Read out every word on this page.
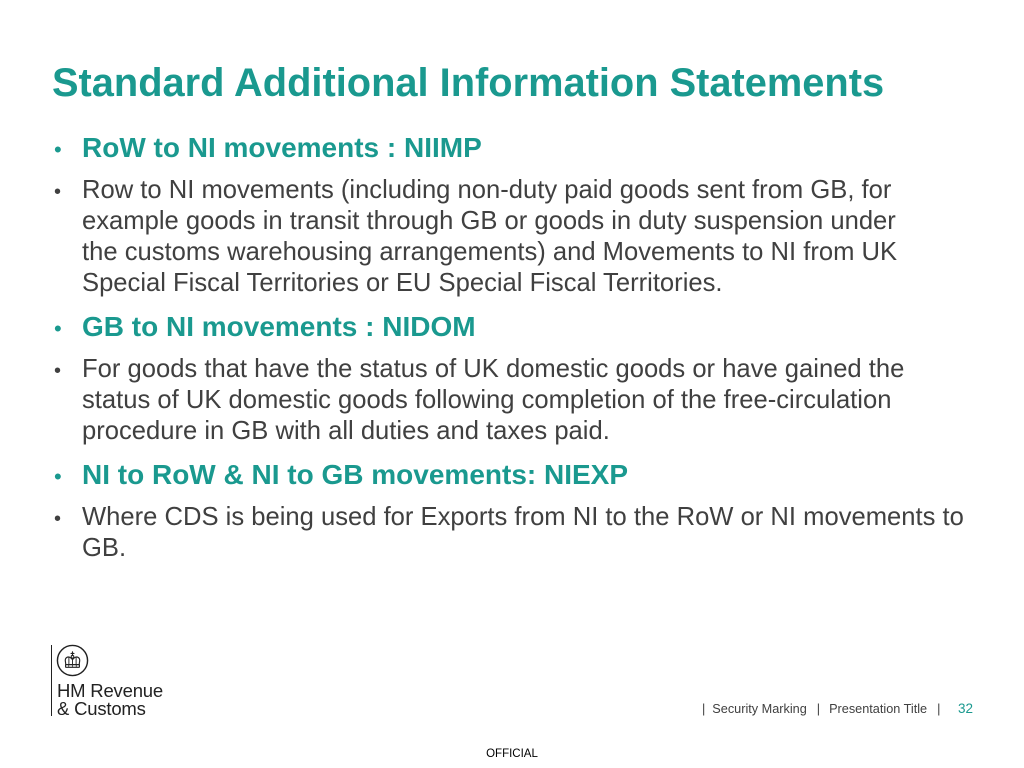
Standard Additional Information Statements
• RoW to NI movements : NIIMP
• Row to NI movements (including non-duty paid goods sent from GB, for
example goods in transit through GB or goods in duty suspension under
the customs warehousing arrangements) and Movements to NI from UK
Special Fiscal Territories or EU Special Fiscal Territories.
• GB to NI movements : NIDOM
• For goods that have the status of UK domestic goods or have gained the
status of UK domestic goods following completion of the free-circulation
procedure in GB with all duties and taxes paid.
• NI to RoW & NI to GB movements: NIEXP
• Where CDS is being used for Exports from NI to the RoW or NI movements to
GB.
HM Revenue
& Customs	| Security Marking | Presentation Title | 32
OFFICIAL
